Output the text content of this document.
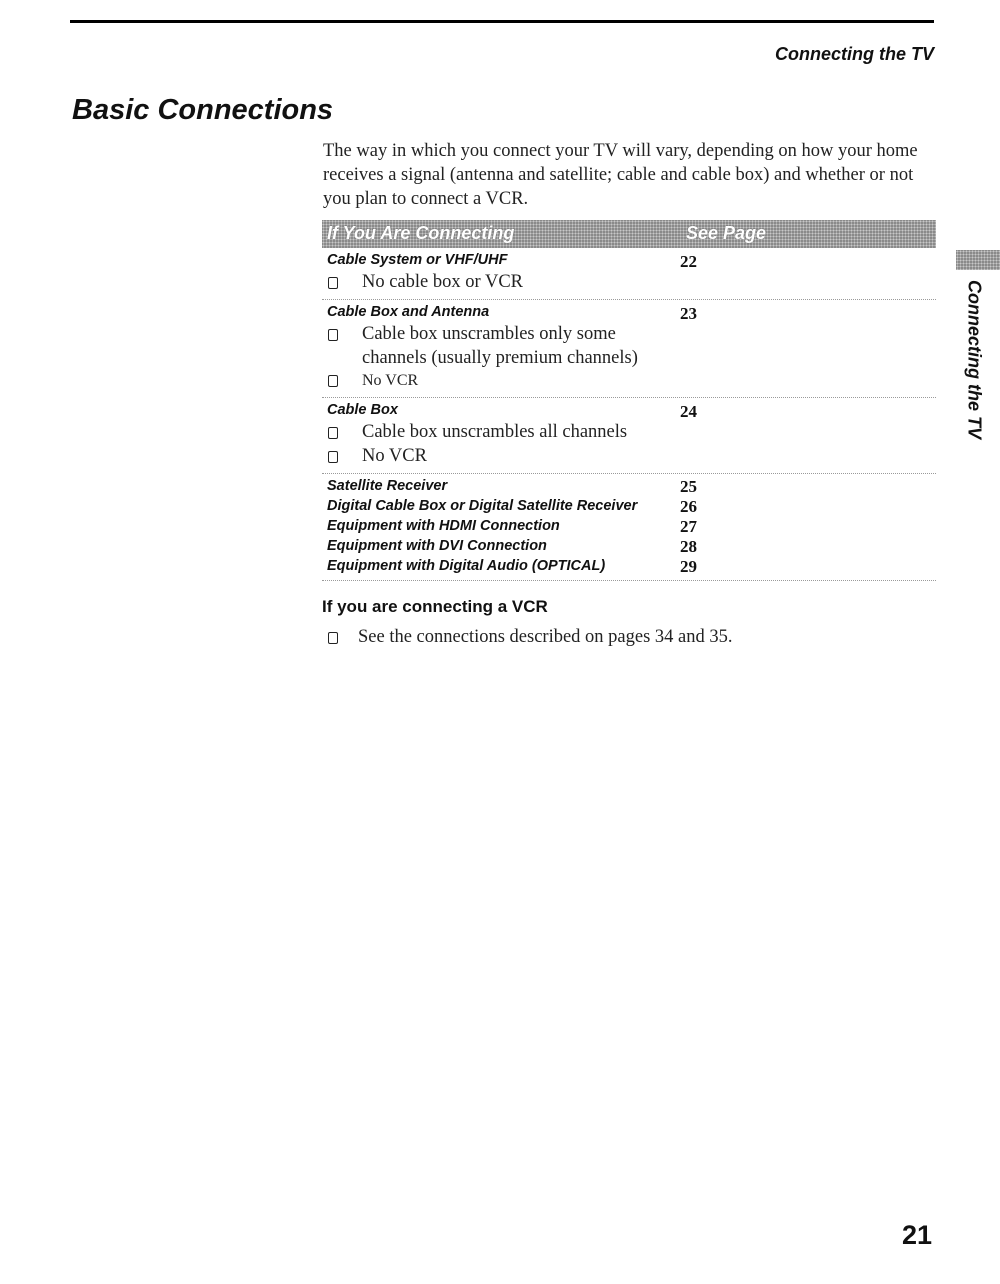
Connecting the TV
Basic Connections

The way in which you connect your TV will vary, depending on how your home receives a signal (antenna and satellite; cable and cable box) and whether or not you plan to connect a VCR.

If You Are Connecting	See Page
Cable System or VHF/UHF	22
No cable box or VCR
Cable Box and Antenna	23
Cable box unscrambles only some channels (usually premium channels)
No VCR
Cable Box	24
Cable box unscrambles all channels
No VCR
Satellite Receiver	25
Digital Cable Box or Digital Satellite Receiver	26
Equipment with HDMI Connection	27
Equipment with DVI Connection	28
Equipment with Digital Audio (OPTICAL)	29
If you are connecting a VCR
See the connections described on pages 34 and 35.
Connecting the TV
21
